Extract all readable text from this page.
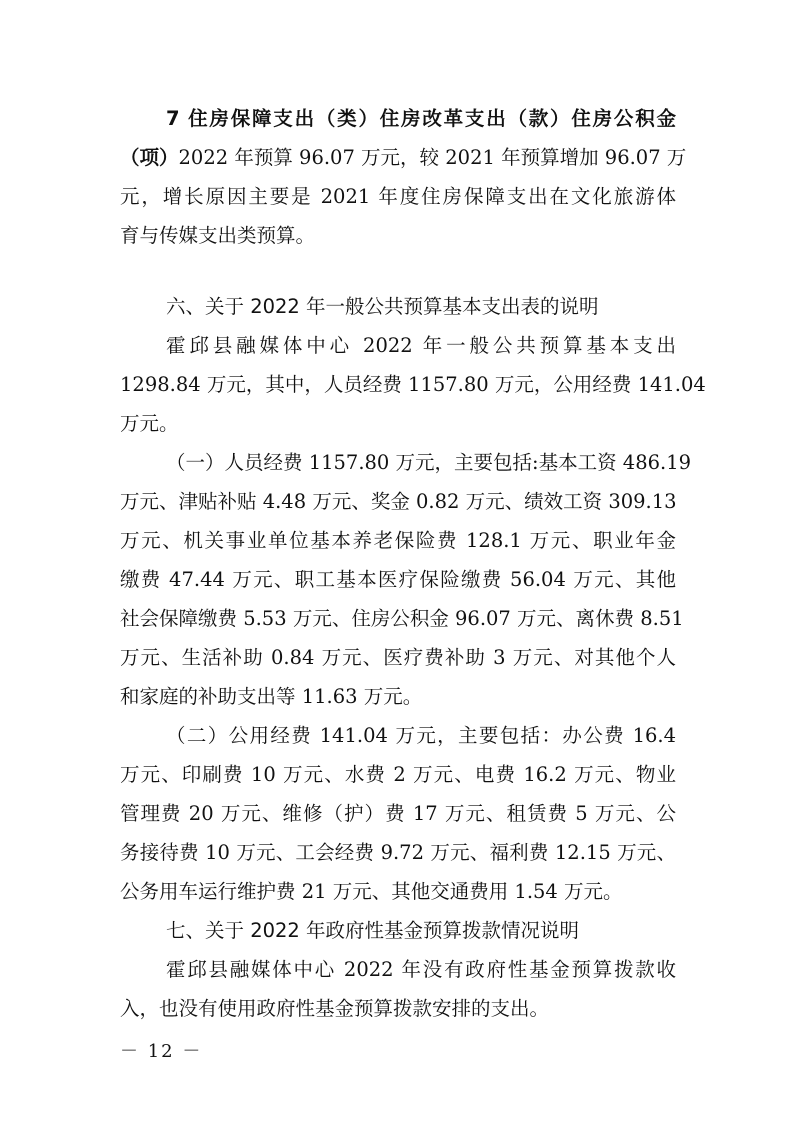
7 住房保障支出（类）住房改革支出（款）住房公积金

（项）2022 年预算 96.07 万元，较 2021 年预算增加 96.07 万

元，增长原因主要是 2021 年度住房保障支出在文化旅游体

育与传媒支出类预算。

六、关于 2022 年一般公共预算基本支出表的说明

霍邱县融媒体中心 2022 年一般公共预算基本支出

1298.84 万元，其中，人员经费 1157.80 万元，公用经费 141.04

万元。

（一）人员经费 1157.80 万元，主要包括:基本工资 486.19

万元、津贴补贴 4.48 万元、奖金 0.82 万元、绩效工资 309.13

万元、机关事业单位基本养老保险费 128.1 万元、职业年金

缴费 47.44 万元、职工基本医疗保险缴费 56.04 万元、其他

社会保障缴费 5.53 万元、住房公积金 96.07 万元、离休费 8.51

万元、生活补助 0.84 万元、医疗费补助 3 万元、对其他个人

和家庭的补助支出等 11.63 万元。

（二）公用经费 141.04 万元，主要包括：办公费 16.4

万元、印刷费 10 万元、水费 2 万元、电费 16.2 万元、物业

管理费 20 万元、维修（护）费 17 万元、租赁费 5 万元、公

务接待费 10 万元、工会经费 9.72 万元、福利费 12.15 万元、

公务用车运行维护费 21 万元、其他交通费用 1.54 万元。

七、关于 2022 年政府性基金预算拨款情况说明

霍邱县融媒体中心 2022 年没有政府性基金预算拨款收

入，也没有使用政府性基金预算拨款安排的支出。

－ 12 －
